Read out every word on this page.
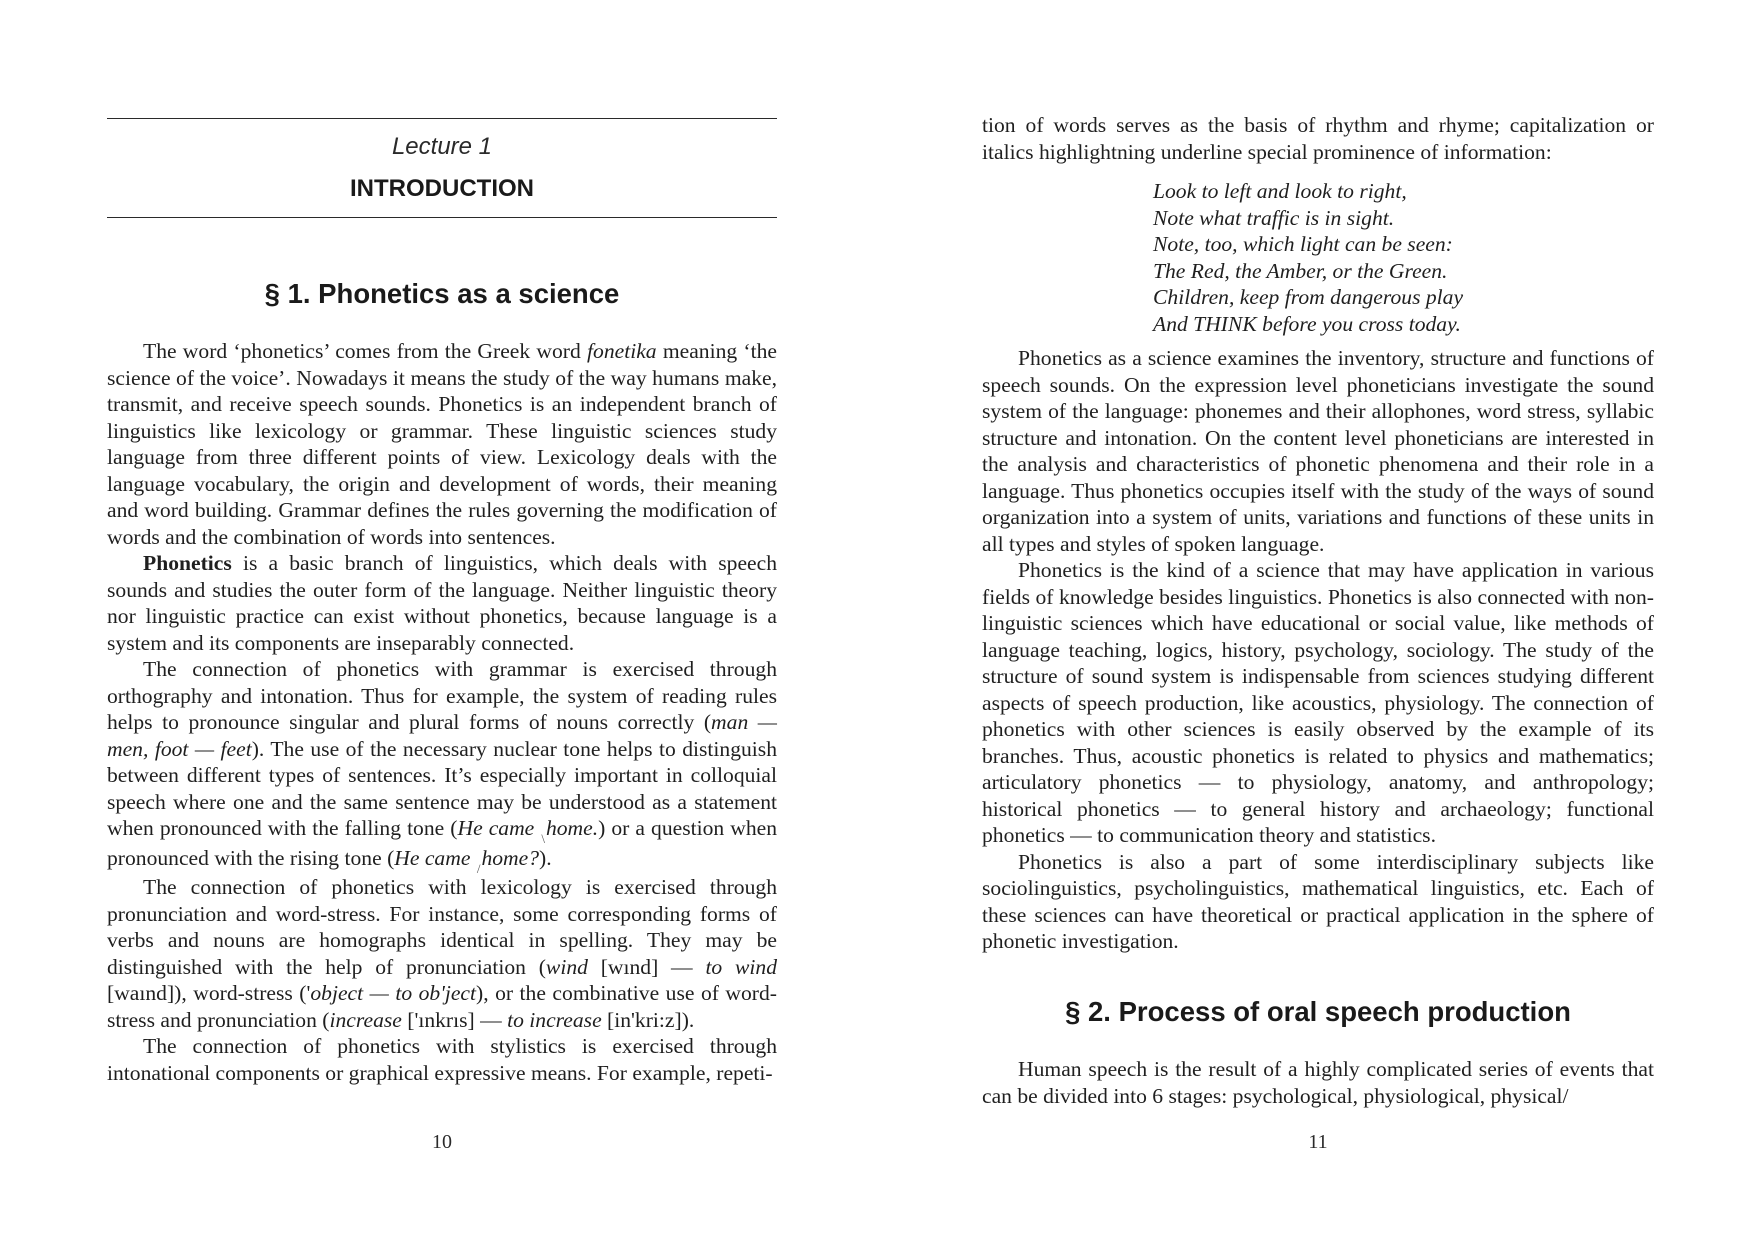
Lecture 1
INTRODUCTION
§ 1. Phonetics as a science

The word ‘phonetics’ comes from the Greek word fonetika meaning ‘the science of the voice’. Nowadays it means the study of the way humans make, transmit, and receive speech sounds. Phonetics is an independent branch of linguistics like lexicology or grammar. These linguistic sciences study language from three different points of view. Lexicology deals with the language vocabulary, the origin and development of words, their meaning and word building. Grammar defines the rules governing the modification of words and the combination of words into sentences.

Phonetics is a basic branch of linguistics, which deals with speech sounds and studies the outer form of the language. Neither linguistic theory nor linguistic practice can exist without phonetics, because language is a system and its components are inseparably connected.

The connection of phonetics with grammar is exercised through orthography and intonation. Thus for example, the system of reading rules helps to pronounce singular and plural forms of nouns correctly (man — men, foot — feet). The use of the necessary nuclear tone helps to distinguish between different types of sentences. It’s especially important in colloquial speech where one and the same sentence may be understood as a statement when pronounced with the falling tone (He came $_\backslash$home.) or a question when pronounced with the rising tone (He came $_/$home?).

The connection of phonetics with lexicology is exercised through pronunciation and word-stress. For instance, some corresponding forms of verbs and nouns are homographs identical in spelling. They may be distinguished with the help of pronunciation (wind [wınd] — to wind [waınd]), word-stress ('object — to ob'ject), or the combinative use of word-stress and pronunciation (increase ['ınkrıs] — to increase [in'kri:z]).

The connection of phonetics with stylistics is exercised through intonational components or graphical expressive means. For example, repeti-

10

tion of words serves as the basis of rhythm and rhyme; capitalization or italics highlightning underline special prominence of information:

Look to left and look to right,
Note what traffic is in sight.
Note, too, which light can be seen:
The Red, the Amber, or the Green.
Children, keep from dangerous play
And THINK before you cross today.

Phonetics as a science examines the inventory, structure and functions of speech sounds. On the expression level phoneticians investigate the sound system of the language: phonemes and their allophones, word stress, syllabic structure and intonation. On the content level phoneticians are interested in the analysis and characteristics of phonetic phenomena and their role in a language. Thus phonetics occupies itself with the study of the ways of sound organization into a system of units, variations and functions of these units in all types and styles of spoken language.

Phonetics is the kind of a science that may have application in various fields of knowledge besides linguistics. Phonetics is also connected with non-linguistic sciences which have educational or social value, like methods of language teaching, logics, history, psychology, sociology. The study of the structure of sound system is indispensable from sciences studying different aspects of speech production, like acoustics, physiology. The connection of phonetics with other sciences is easily observed by the example of its branches. Thus, acoustic phonetics is related to physics and mathematics; articulatory phonetics — to physiology, anatomy, and anthropology; historical phonetics — to general history and archaeology; functional phonetics — to communication theory and statistics.

Phonetics is also a part of some interdisciplinary subjects like sociolinguistics, psycholinguistics, mathematical linguistics, etc. Each of these sciences can have theoretical or practical application in the sphere of phonetic investigation.

§ 2. Process of oral speech production

Human speech is the result of a highly complicated series of events that can be divided into 6 stages: psychological, physiological, physical/

11
